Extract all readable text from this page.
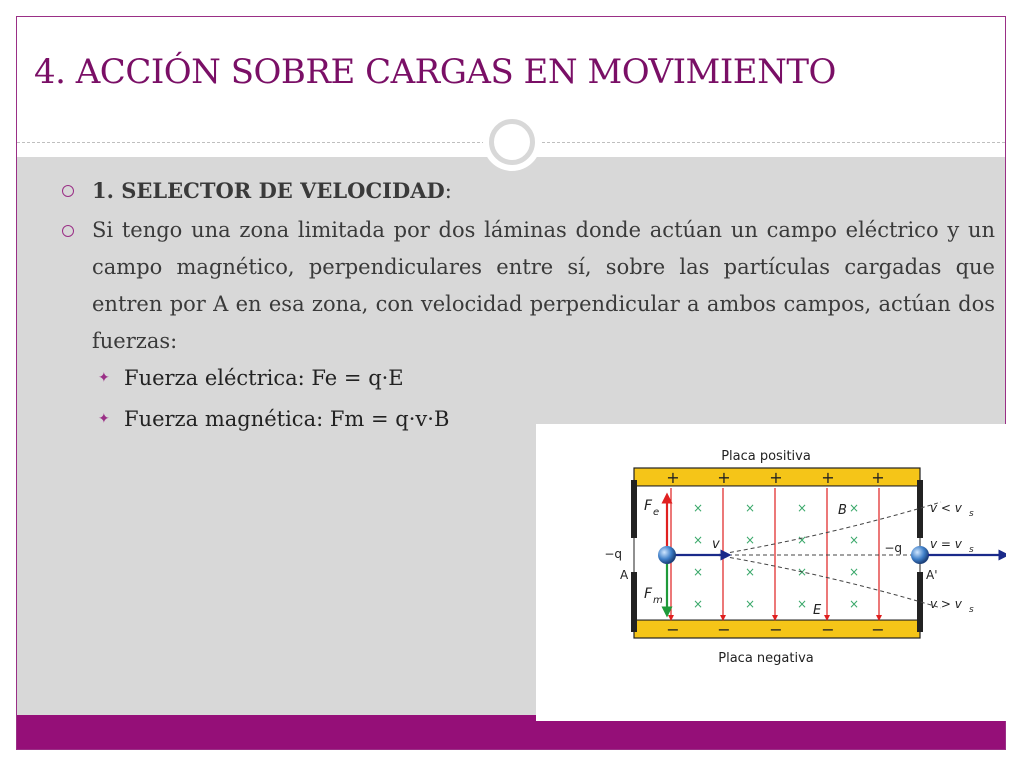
4. ACCIÓN SOBRE CARGAS EN MOVIMIENTO

1. SELECTOR DE VELOCIDAD:

Si tengo una zona limitada por dos láminas donde actúan un campo eléctrico y un campo magnético, perpendiculares entre sí, sobre las partículas cargadas que entren por A en esa zona, con velocidad perpendicular a ambos campos, actúan dos fuerzas:

✦ Fuerza eléctrica: Fe = q·E
✦ Fuerza magnética: Fm = q·v·B
Placa positiva
Placa negativa
+ + + + +
− − − − −
×	×	×	×
×	×	×	×
×	×	×	×
×	×	×	×
F e
F m
v
B
E
−q	−q
A	A'
v < v s
v = v s
v > v s
